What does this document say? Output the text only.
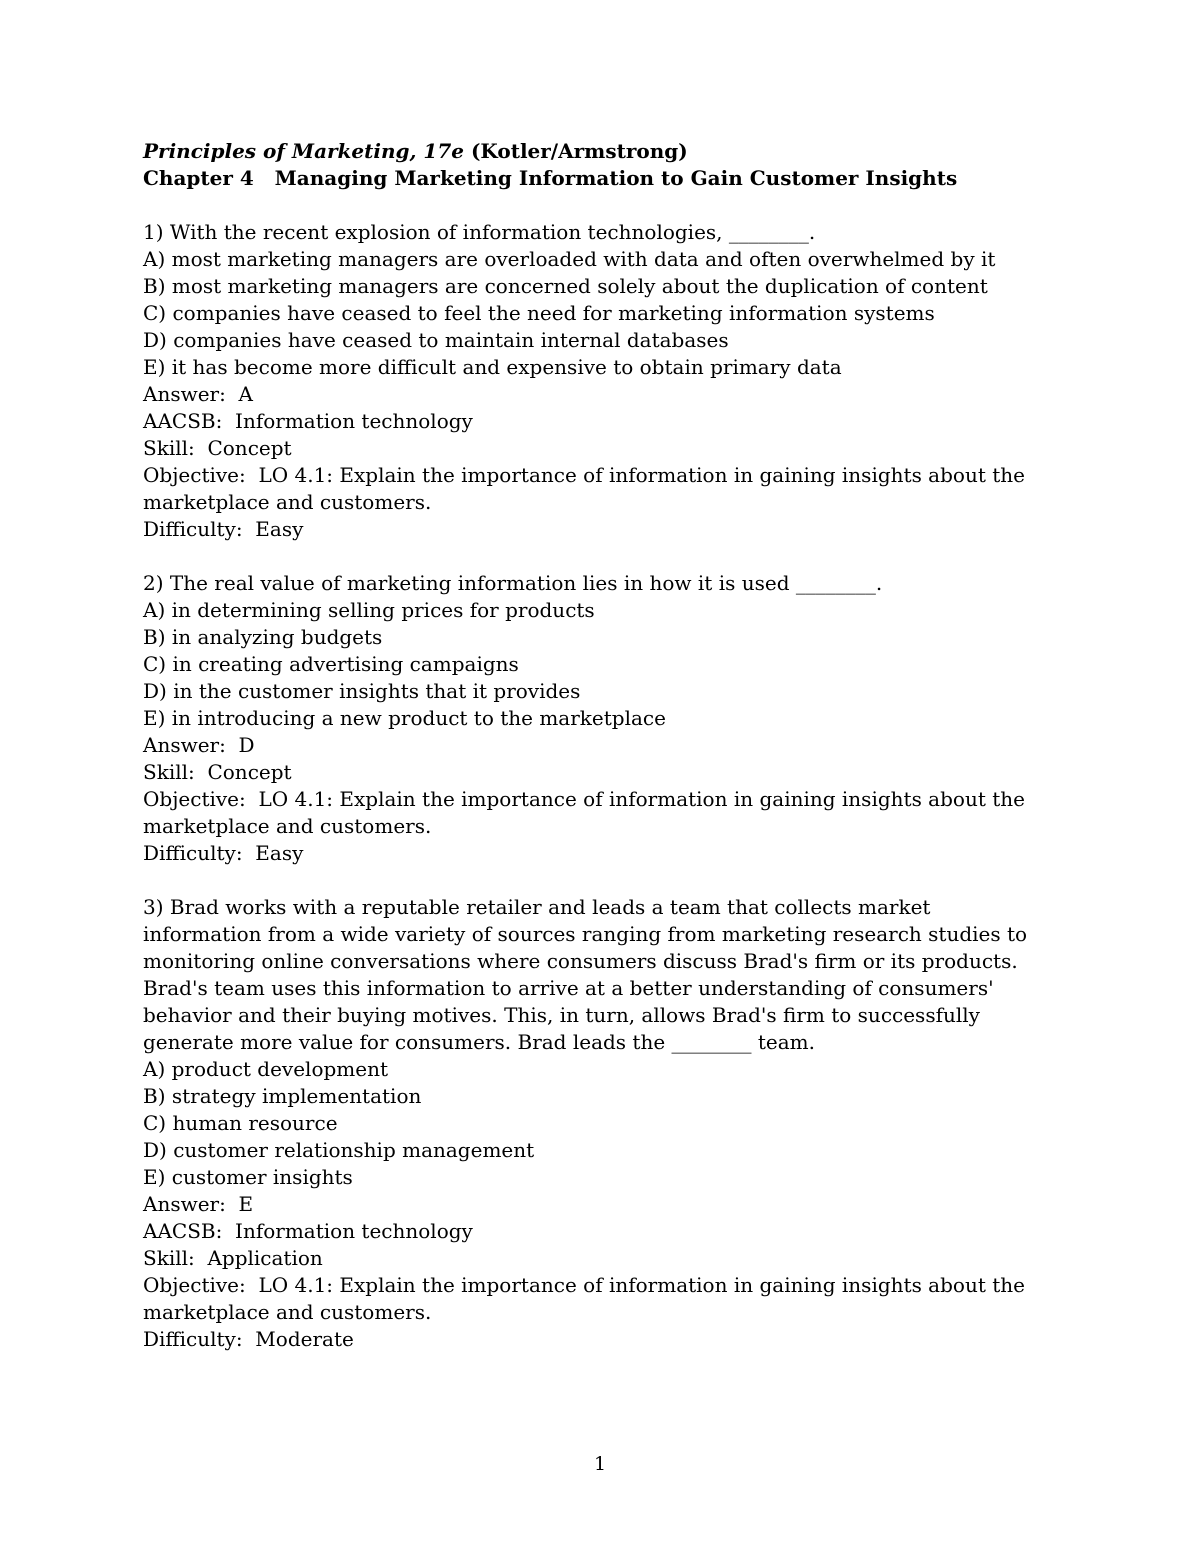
Principles of Marketing, 17e (Kotler/Armstrong)

Chapter 4   Managing Marketing Information to Gain Customer Insights

1) With the recent explosion of information technologies, ________.

A) most marketing managers are overloaded with data and often overwhelmed by it

B) most marketing managers are concerned solely about the duplication of content

C) companies have ceased to feel the need for marketing information systems

D) companies have ceased to maintain internal databases

E) it has become more difficult and expensive to obtain primary data

Answer:  A

AACSB:  Information technology

Skill:  Concept

Objective:  LO 4.1: Explain the importance of information in gaining insights about the marketplace and customers.

Difficulty:  Easy

2) The real value of marketing information lies in how it is used ________.

A) in determining selling prices for products

B) in analyzing budgets

C) in creating advertising campaigns

D) in the customer insights that it provides

E) in introducing a new product to the marketplace

Answer:  D

Skill:  Concept

Objective:  LO 4.1: Explain the importance of information in gaining insights about the marketplace and customers.

Difficulty:  Easy

3) Brad works with a reputable retailer and leads a team that collects market information from a wide variety of sources ranging from marketing research studies to monitoring online conversations where consumers discuss Brad's firm or its products. Brad's team uses this information to arrive at a better understanding of consumers' behavior and their buying motives. This, in turn, allows Brad's firm to successfully generate more value for consumers. Brad leads the ________ team.

A) product development

B) strategy implementation

C) human resource

D) customer relationship management

E) customer insights

Answer:  E

AACSB:  Information technology

Skill:  Application

Objective:  LO 4.1: Explain the importance of information in gaining insights about the marketplace and customers.

Difficulty:  Moderate

1
